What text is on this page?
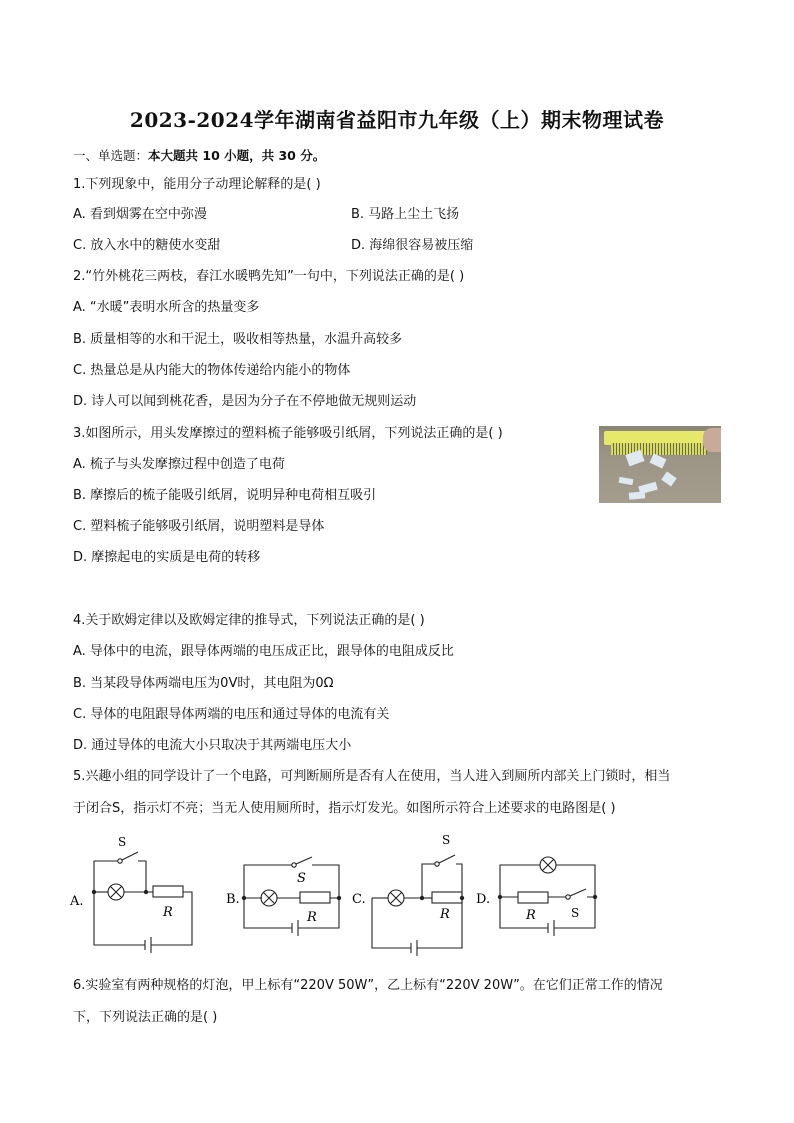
2023-2024学年湖南省益阳市九年级（上）期末物理试卷
一、单选题：本大题共 10 小题，共 30 分。
1.下列现象中，能用分子动理论解释的是( )
A. 看到烟雾在空中弥漫	B. 马路上尘土飞扬
C. 放入水中的糖使水变甜	D. 海绵很容易被压缩
2.“竹外桃花三两枝，春江水暖鸭先知”一句中，下列说法正确的是( )
A. “水暖”表明水所含的热量变多
B. 质量相等的水和干泥土，吸收相等热量，水温升高较多
C. 热量总是从内能大的物体传递给内能小的物体
D. 诗人可以闻到桃花香，是因为分子在不停地做无规则运动
3.如图所示，用头发摩擦过的塑料梳子能够吸引纸屑，下列说法正确的是( )
A. 梳子与头发摩擦过程中创造了电荷
B. 摩擦后的梳子能吸引纸屑，说明异种电荷相互吸引
C. 塑料梳子能够吸引纸屑，说明塑料是导体
D. 摩擦起电的实质是电荷的转移
4.关于欧姆定律以及欧姆定律的推导式，下列说法正确的是( )
A. 导体中的电流，跟导体两端的电压成正比，跟导体的电阻成反比
B. 当某段导体两端电压为0V时，其电阻为0Ω
C. 导体的电阻跟导体两端的电压和通过导体的电流有关
D. 通过导体的电流大小只取决于其两端电压大小
5.兴趣小组的同学设计了一个电路，可判断厕所是否有人在使用，当人进入到厕所内部关上门锁时，相当
于闭合S，指示灯不亮；当无人使用厕所时，指示灯发光。如图所示符合上述要求的电路图是( )
A.
S
R
B.
S
R
C.
S
R
D.
R	S
6.实验室有两种规格的灯泡，甲上标有“220V 50W”，乙上标有“220V 20W”。在它们正常工作的情况
下，下列说法正确的是( )
